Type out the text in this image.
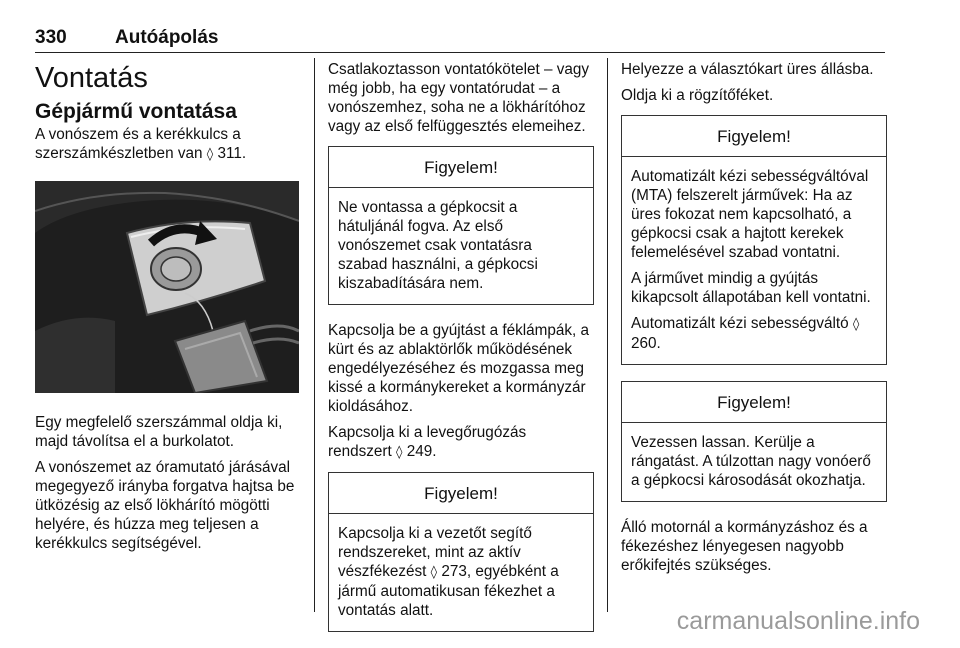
330	Autóápolás
Vontatás
Gépjármű vontatása

A vonószem és a kerékkulcs a szerszámkészletben van ◊ 311.

Egy megfelelő szerszámmal oldja ki, majd távolítsa el a burkolatot.

A vonószemet az óramutató járásával megegyező irányba forgatva hajtsa be ütközésig az első lökhárító mögötti helyére, és húzza meg teljesen a kerékkulcs segítségével.

Csatlakoztasson vontatókötelet – vagy még jobb, ha egy vontatórudat – a vonószemhez, soha ne a lökhárítóhoz vagy az első felfüggesztés elemeihez.

Figyelem!

Ne vontassa a gépkocsit a hátuljánál fogva. Az első vonószemet csak vontatásra szabad használni, a gépkocsi kiszabadítására nem.

Kapcsolja be a gyújtást a féklámpák, a kürt és az ablaktörlők működésének engedélyezéséhez és mozgassa meg kissé a kormánykereket a kormányzár kioldásához.

Kapcsolja ki a levegőrugózás rendszert ◊ 249.

Figyelem!

Kapcsolja ki a vezetőt segítő rendszereket, mint az aktív vészfékezést ◊ 273, egyébként a jármű automatikusan fékezhet a vontatás alatt.

Helyezze a választókart üres állásba.

Oldja ki a rögzítőféket.

Figyelem!

Automatizált kézi sebességváltóval (MTA) felszerelt járművek: Ha az üres fokozat nem kapcsolható, a gépkocsi csak a hajtott kerekek felemelésével szabad vontatni.

A járművet mindig a gyújtás kikapcsolt állapotában kell vontatni.

Automatizált kézi sebességváltó ◊ 260.

Figyelem!

Vezessen lassan. Kerülje a rángatást. A túlzottan nagy vonóerő a gépkocsi károsodását okozhatja.

Álló motornál a kormányzáshoz és a fékezéshez lényegesen nagyobb erőkifejtés szükséges.

carmanualsonline.info
